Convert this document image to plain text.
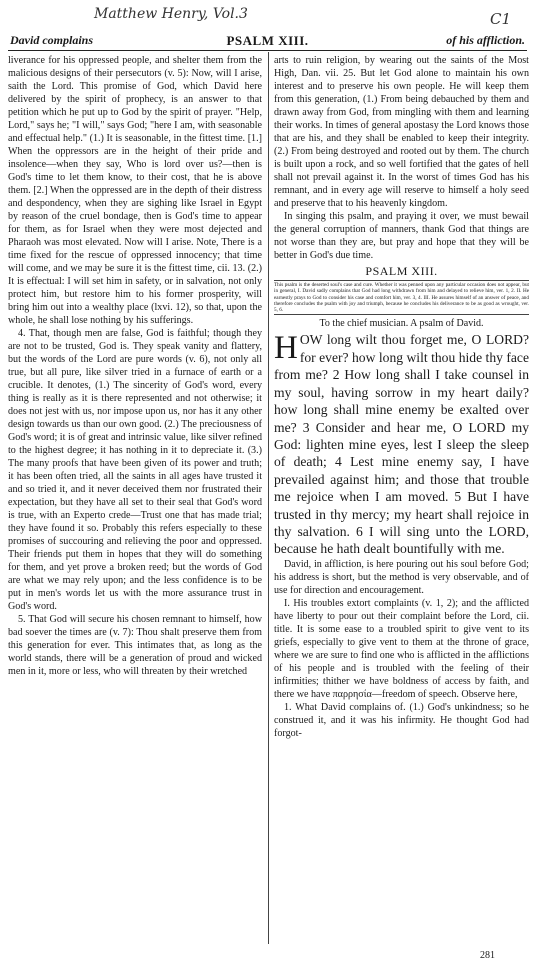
Matthew Henry, Vol.3	C1
David complains	PSALM XIII.	of his affliction.

liverance for his oppressed people, and shelter them from the malicious designs of their persecutors (v. 5): Now, will I arise, saith the Lord. This promise of God, which David here delivered by the spirit of prophecy, is an answer to that petition which he put up to God by the spirit of prayer. "Help, Lord," says he; "I will," says God; "here I am, with seasonable and effectual help." (1.) It is seasonable, in the fittest time. [1.] When the oppressors are in the height of their pride and insolence—when they say, Who is lord over us?—then is God's time to let them know, to their cost, that he is above them. [2.] When the oppressed are in the depth of their distress and despondency, when they are sighing like Israel in Egypt by reason of the cruel bondage, then is God's time to appear for them, as for Israel when they were most dejected and Pharaoh was most elevated. Now will I arise. Note, There is a time fixed for the rescue of oppressed innocency; that time will come, and we may be sure it is the fittest time, cii. 13. (2.) It is effectual: I will set him in safety, or in salvation, not only protect him, but restore him to his former prosperity, will bring him out into a wealthy place (lxvi. 12), so that, upon the whole, he shall lose nothing by his sufferings.

4. That, though men are false, God is faithful; though they are not to be trusted, God is. They speak vanity and flattery, but the words of the Lord are pure words (v. 6), not only all true, but all pure, like silver tried in a furnace of earth or a crucible. It denotes, (1.) The sincerity of God's word, every thing is really as it is there represented and not otherwise; it does not jest with us, nor impose upon us, nor has it any other design towards us than our own good. (2.) The preciousness of God's word; it is of great and intrinsic value, like silver refined to the highest degree; it has nothing in it to depreciate it. (3.) The many proofs that have been given of its power and truth; it has been often tried, all the saints in all ages have trusted it and so tried it, and it never deceived them nor frustrated their expectation, but they have all set to their seal that God's word is true, with an Experto crede—Trust one that has made trial; they have found it so. Probably this refers especially to these promises of succouring and relieving the poor and oppressed. Their friends put them in hopes that they will do something for them, and yet prove a broken reed; but the words of God are what we may rely upon; and the less confidence is to be put in men's words let us with the more assurance trust in God's word.

5. That God will secure his chosen remnant to himself, how bad soever the times are (v. 7): Thou shalt preserve them from this generation for ever. This intimates that, as long as the world stands, there will be a generation of proud and wicked men in it, more or less, who will threaten by their wretched

arts to ruin religion, by wearing out the saints of the Most High, Dan. vii. 25. But let God alone to maintain his own interest and to preserve his own people. He will keep them from this generation, (1.) From being debauched by them and drawn away from God, from mingling with them and learning their works. In times of general apostasy the Lord knows those that are his, and they shall be enabled to keep their integrity. (2.) From being destroyed and rooted out by them. The church is built upon a rock, and so well fortified that the gates of hell shall not prevail against it. In the worst of times God has his remnant, and in every age will reserve to himself a holy seed and preserve that to his heavenly kingdom.

In singing this psalm, and praying it over, we must bewail the general corruption of manners, thank God that things are not worse than they are, but pray and hope that they will be better in God's due time.

PSALM XIII.
This psalm is the deserted soul's case and cure. Whether it was penned upon any particular occasion does not appear, but in general, I. David sadly complains that God had long withdrawn from him and delayed to relieve him, ver. 1, 2. II. He earnestly prays to God to consider his case and comfort him, ver. 3, 4. III. He assures himself of an answer of peace, and therefore concludes the psalm with joy and triumph, because he concludes his deliverance to be as good as wrought, ver. 5, 6.
To the chief musician. A psalm of David.
HOW long wilt thou forget me, O LORD? for ever? how long wilt thou hide thy face from me? 2 How long shall I take counsel in my soul, having sorrow in my heart daily? how long shall mine enemy be exalted over me? 3 Consider and hear me, O LORD my God: lighten mine eyes, lest I sleep the sleep of death; 4 Lest mine enemy say, I have prevailed against him; and those that trouble me rejoice when I am moved. 5 But I have trusted in thy mercy; my heart shall rejoice in thy salvation. 6 I will sing unto the LORD, because he hath dealt bountifully with me.

David, in affliction, is here pouring out his soul before God; his address is short, but the method is very observable, and of use for direction and encouragement.

I. His troubles extort complaints (v. 1, 2); and the afflicted have liberty to pour out their complaint before the Lord, cii. title. It is some ease to a troubled spirit to give vent to its griefs, especially to give vent to them at the throne of grace, where we are sure to find one who is afflicted in the afflictions of his people and is troubled with the feeling of their infirmities; thither we have boldness of access by faith, and there we have παρρησία—freedom of speech. Observe here,

1. What David complains of. (1.) God's unkindness; so he construed it, and it was his infirmity. He thought God had forgot-

281
